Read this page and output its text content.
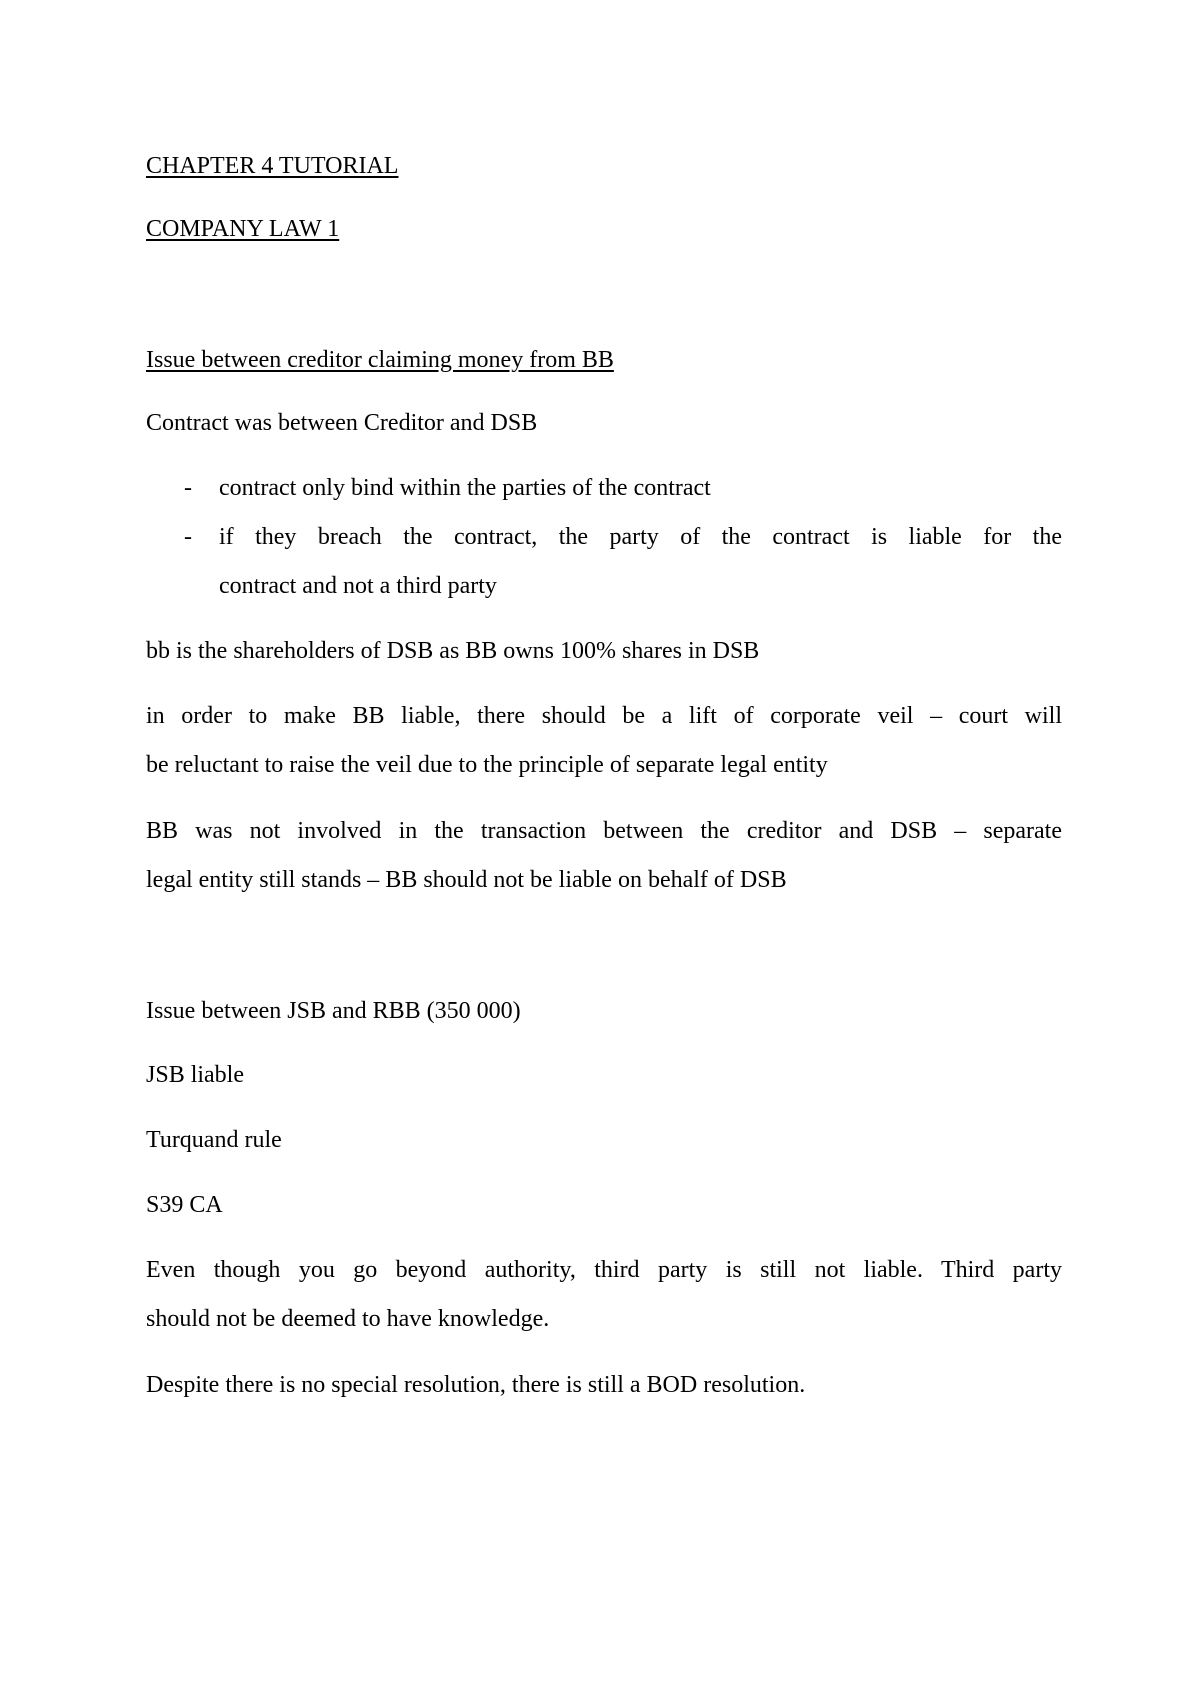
CHAPTER 4 TUTORIAL
COMPANY LAW 1
Issue between creditor claiming money from BB
Contract was between Creditor and DSB
- contract only bind within the parties of the contract
- if they breach the contract, the party of the contract is liable for the
contract and not a third party
bb is the shareholders of DSB as BB owns 100% shares in DSB
in order to make BB liable, there should be a lift of corporate veil – court will
be reluctant to raise the veil due to the principle of separate legal entity
BB was not involved in the transaction between the creditor and DSB – separate
legal entity still stands – BB should not be liable on behalf of DSB
Issue between JSB and RBB (350 000)
JSB liable
Turquand rule
S39 CA
Even though you go beyond authority, third party is still not liable. Third party
should not be deemed to have knowledge.
Despite there is no special resolution, there is still a BOD resolution.
